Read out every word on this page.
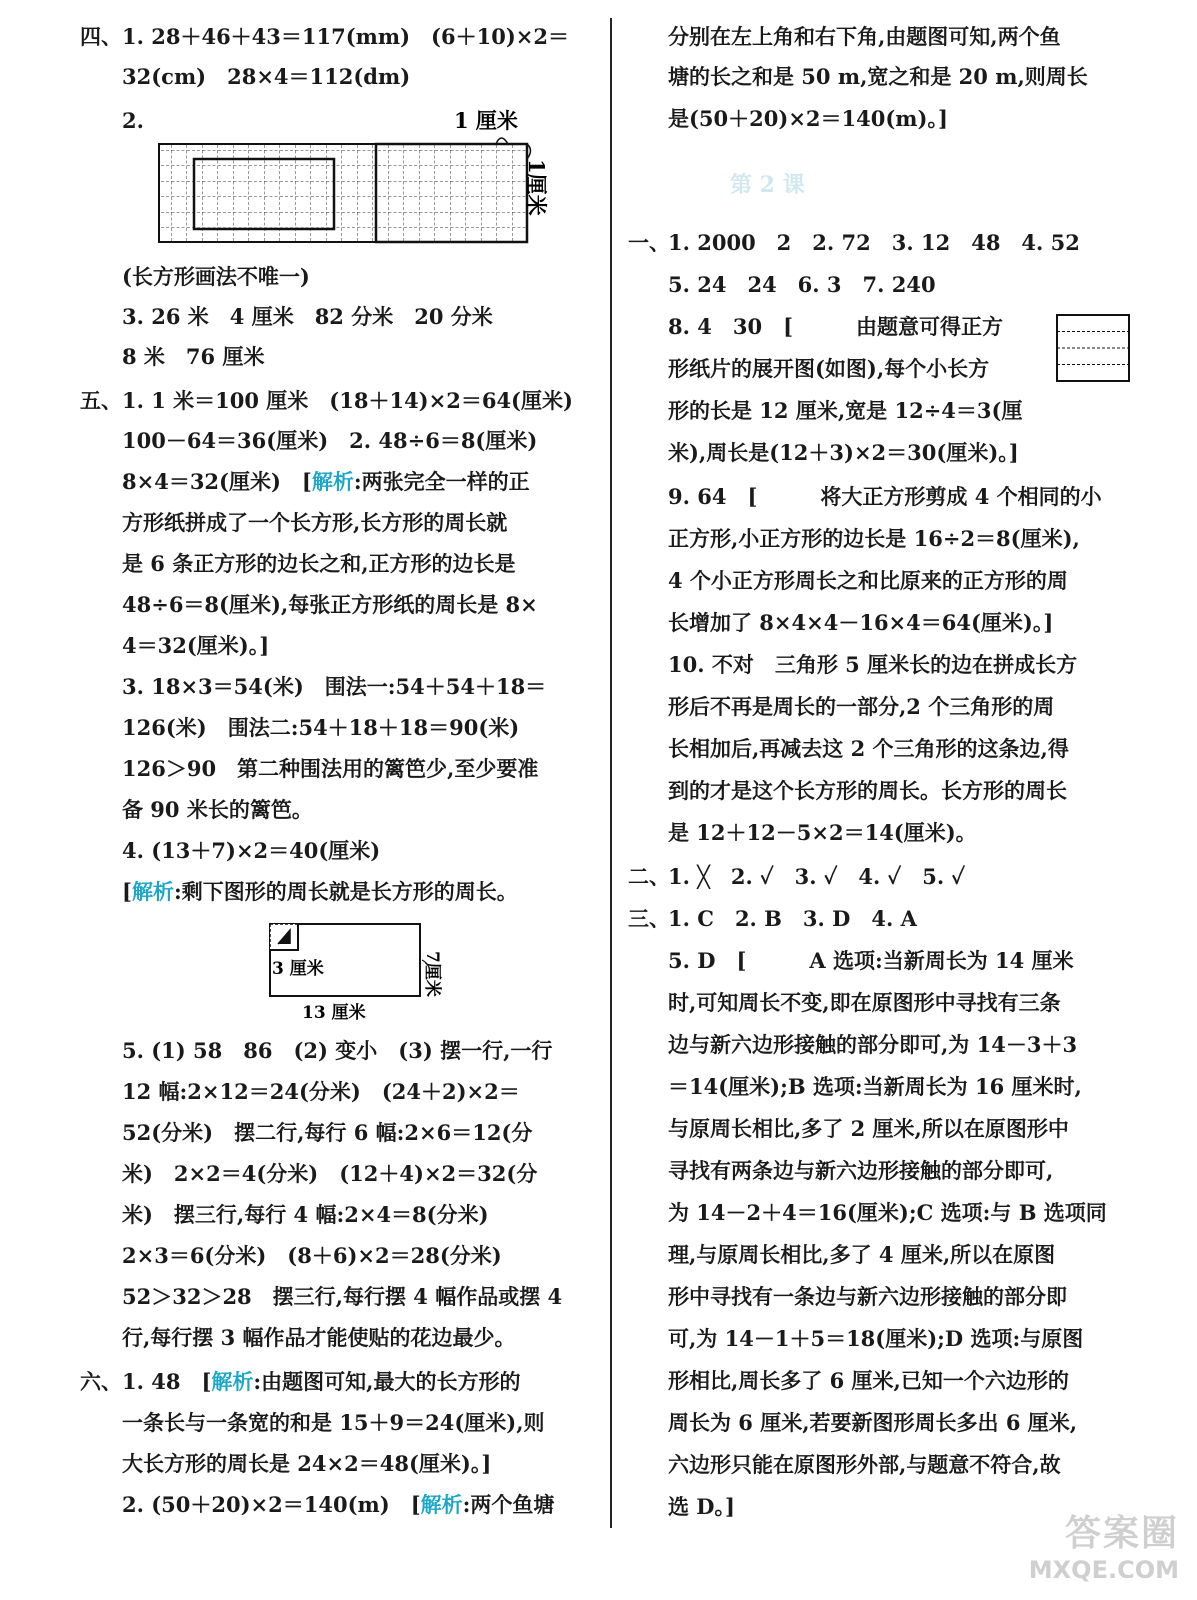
四、 1. 28＋46＋43＝117(mm)　(6＋10)×2＝
32(cm)　28×4＝112(dm)
2.	1 厘米
1厘米
(长方形画法不唯一)
3. 26 米　4 厘米　82 分米　20 分米
8 米　76 厘米
五、 1. 1 米＝100 厘米　(18＋14)×2＝64(厘米)
100－64＝36(厘米)　2. 48÷6＝8(厘米)
8×4＝32(厘米)　[解析:两张完全一样的正
方形纸拼成了一个长方形,长方形的周长就
是 6 条正方形的边长之和,正方形的边长是
48÷6＝8(厘米),每张正方形纸的周长是 8×
4＝32(厘米)。]
3. 18×3＝54(米)　围法一:54＋54＋18＝
126(米)　围法二:54＋18＋18＝90(米)
126＞90　第二种围法用的篱笆少,至少要准
备 90 米长的篱笆。
4. (13＋7)×2＝40(厘米)
[解析:剩下图形的周长就是长方形的周长。
3 厘米	7厘米
13 厘米
5. (1) 58　86　(2) 变小　(3) 摆一行,一行
12 幅:2×12＝24(分米)　(24＋2)×2＝
52(分米)　摆二行,每行 6 幅:2×6＝12(分
米)　2×2＝4(分米)　(12＋4)×2＝32(分
米)　摆三行,每行 4 幅:2×4＝8(分米)
2×3＝6(分米)　(8＋6)×2＝28(分米)
52＞32＞28　摆三行,每行摆 4 幅作品或摆 4
行,每行摆 3 幅作品才能使贴的花边最少。
六、 1. 48　[解析:由题图可知,最大的长方形的
一条长与一条宽的和是 15＋9＝24(厘米),则
大长方形的周长是 24×2＝48(厘米)。]
2. (50＋20)×2＝140(m)　[解析:两个鱼塘
分别在左上角和右下角,由题图可知,两个鱼
塘的长之和是 50 m,宽之和是 20 m,则周长
是(50＋20)×2＝140(m)。]
第 2 课
一、
1. 2000　2　2. 72　3. 12　48　4. 52
5. 24　24　6. 3　7. 240
8. 4　30　[　　　由题意可得正方
形纸片的展开图(如图),每个小长方
形的长是 12 厘米,宽是 12÷4＝3(厘
米),周长是(12＋3)×2＝30(厘米)。]
9. 64　[　　　将大正方形剪成 4 个相同的小
正方形,小正方形的边长是 16÷2＝8(厘米),
4 个小正方形周长之和比原来的正方形的周
长增加了 8×4×4－16×4＝64(厘米)。]
10. 不对　三角形 5 厘米长的边在拼成长方
形后不再是周长的一部分,2 个三角形的周
长相加后,再减去这 2 个三角形的这条边,得
到的才是这个长方形的周长。长方形的周长
是 12＋12－5×2＝14(厘米)。
二、
1. ╳　2. ✓　3. ✓　4. ✓　5. ✓
三、
1. C　2. B　3. D　4. A
5. D　[　　　A 选项:当新周长为 14 厘米
时,可知周长不变,即在原图形中寻找有三条
边与新六边形接触的部分即可,为 14－3＋3
＝14(厘米);B 选项:当新周长为 16 厘米时,
与原周长相比,多了 2 厘米,所以在原图形中
寻找有两条边与新六边形接触的部分即可,
为 14－2＋4＝16(厘米);C 选项:与 B 选项同
理,与原周长相比,多了 4 厘米,所以在原图
形中寻找有一条边与新六边形接触的部分即
可,为 14－1＋5＝18(厘米);D 选项:与原图
形相比,周长多了 6 厘米,已知一个六边形的
周长为 6 厘米,若要新图形周长多出 6 厘米,
六边形只能在原图形外部,与题意不符合,故
选 D。]
答案圈
MXQE.COM
